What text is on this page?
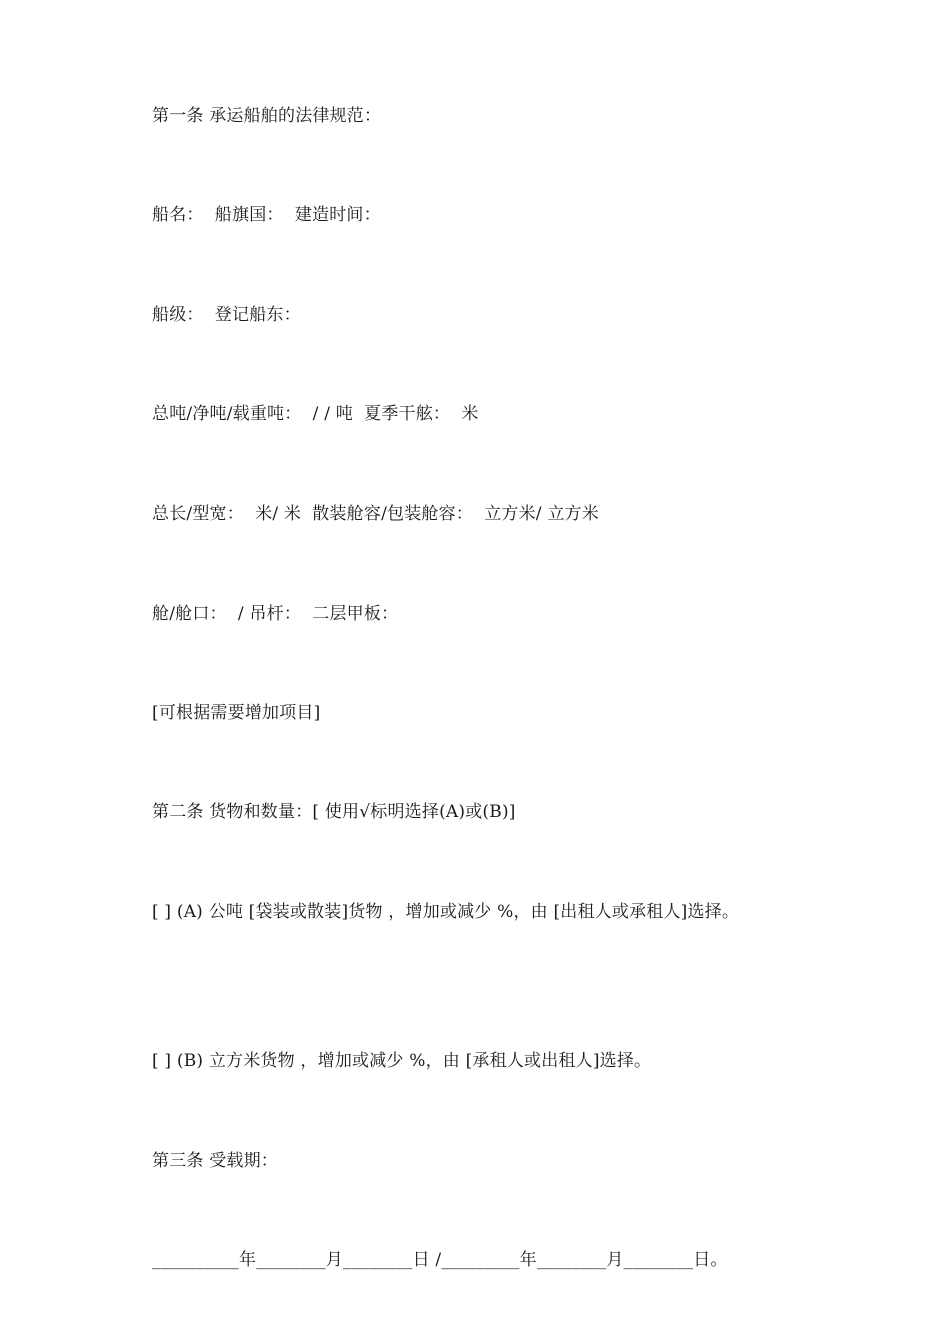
第一条 承运船舶的法律规范：
船名：  船旗国：  建造时间：
船级：  登记船东：
总吨/净吨/载重吨：  / / 吨  夏季干舷：  米
总长/型宽：  米/ 米  散装舱容/包装舱容：  立方米/ 立方米
舱/舱口：  / 吊杆：  二层甲板：
[可根据需要增加项目]
第二条 货物和数量：[ 使用√标明选择(A)或(B)]
[ ] (A) 公吨 [袋装或散装]货物 ，增加或减少 %，由 [出租人或承租人]选择。
[ ] (B) 立方米货物 ，增加或减少 %，由 [承租人或出租人]选择。
第三条 受载期：
__________年________月________日 /_________年________月________日。
